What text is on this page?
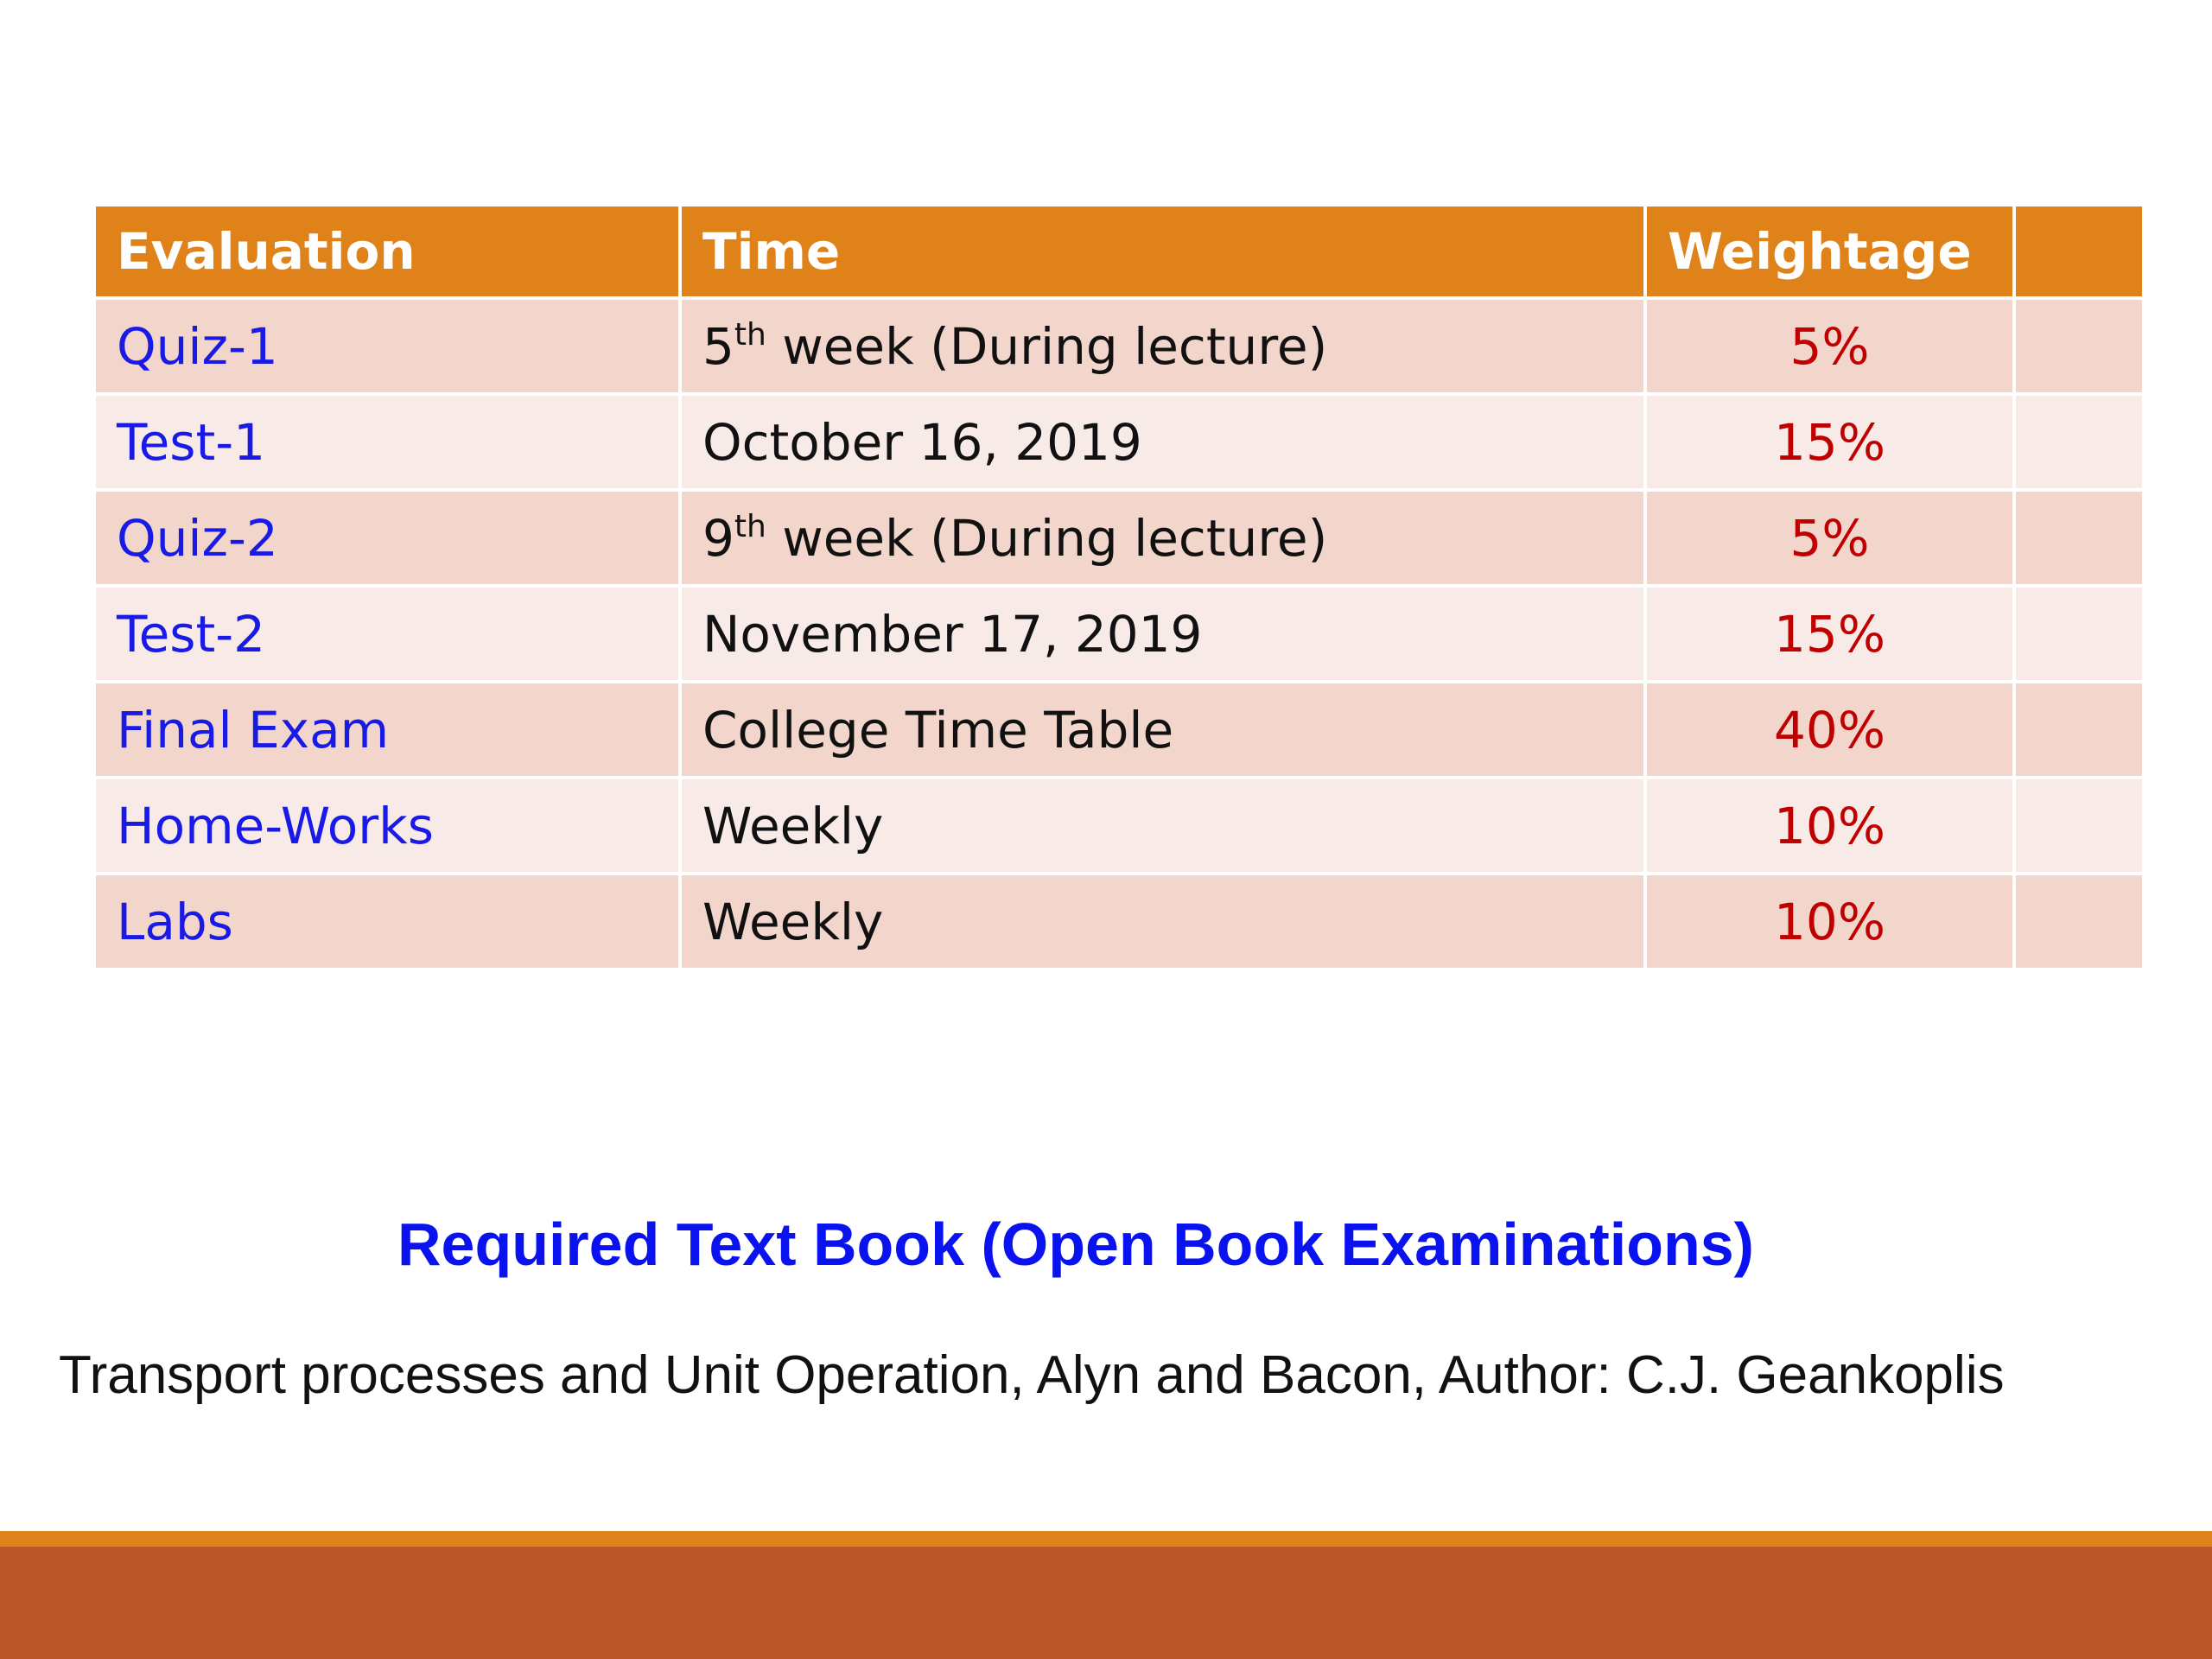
Evaluation	Time	Weightage	
Quiz-1	5th week (During lecture)	5%	
Test-1	October 16, 2019	15%	
Quiz-2	9th week (During lecture)	5%	
Test-2	November 17, 2019	15%	
Final Exam	College Time Table	40%	
Home-Works	Weekly	10%	
Labs	Weekly	10%	
Required Text Book (Open Book Examinations)
Transport processes and Unit Operation, Alyn and Bacon, Author: C.J. Geankoplis
